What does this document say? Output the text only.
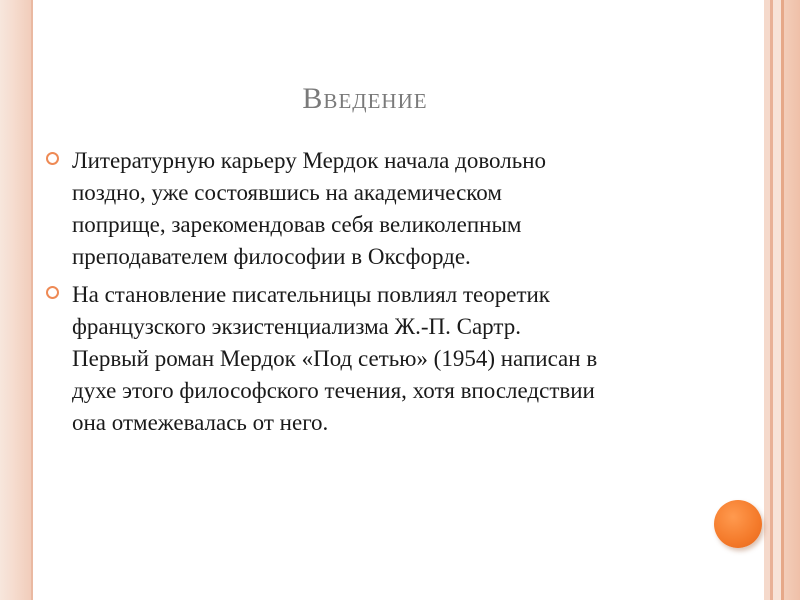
Введение
Литературную карьеру Мердок начала довольно
поздно, уже состоявшись на академическом
поприще, зарекомендовав себя великолепным
преподавателем философии в Оксфорде.
На становление писательницы повлиял теоретик
французского экзистенциализма Ж.-П. Сартр.
Первый роман Мердок «Под сетью» (1954) написан в
духе этого философского течения, хотя впоследствии
она отмежевалась от него.
